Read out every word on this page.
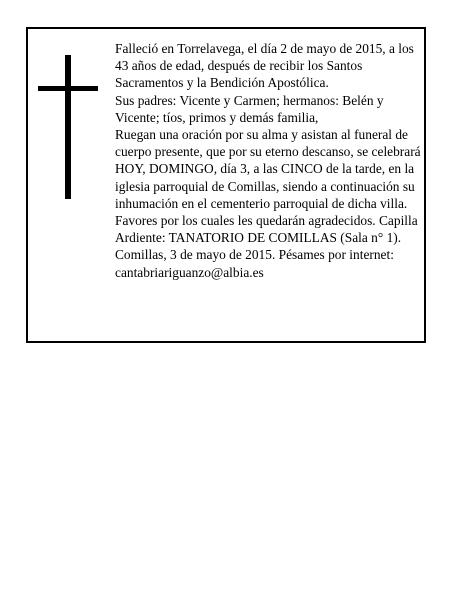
Falleció en Torrelavega, el día 2 de mayo de 2015, a los 43 años de edad, después de recibir los Santos Sacramentos y la Bendición Apostólica.

Sus padres: Vicente y Carmen; hermanos: Belén y Vicente; tíos, primos y demás familia,

Ruegan una oración por su alma y asistan al funeral de cuerpo presente, que por su eterno descanso, se celebrará HOY, DOMINGO, día 3, a las CINCO de la tarde, en la iglesia parroquial de Comillas, siendo a continuación su inhumación en el cementerio parroquial de dicha villa. Favores por los cuales les quedarán agradecidos. Capilla Ardiente: TANATORIO DE COMILLAS (Sala n° 1).

Comillas, 3 de mayo de 2015. Pésames por internet: cantabriariguanzo@albia.es
